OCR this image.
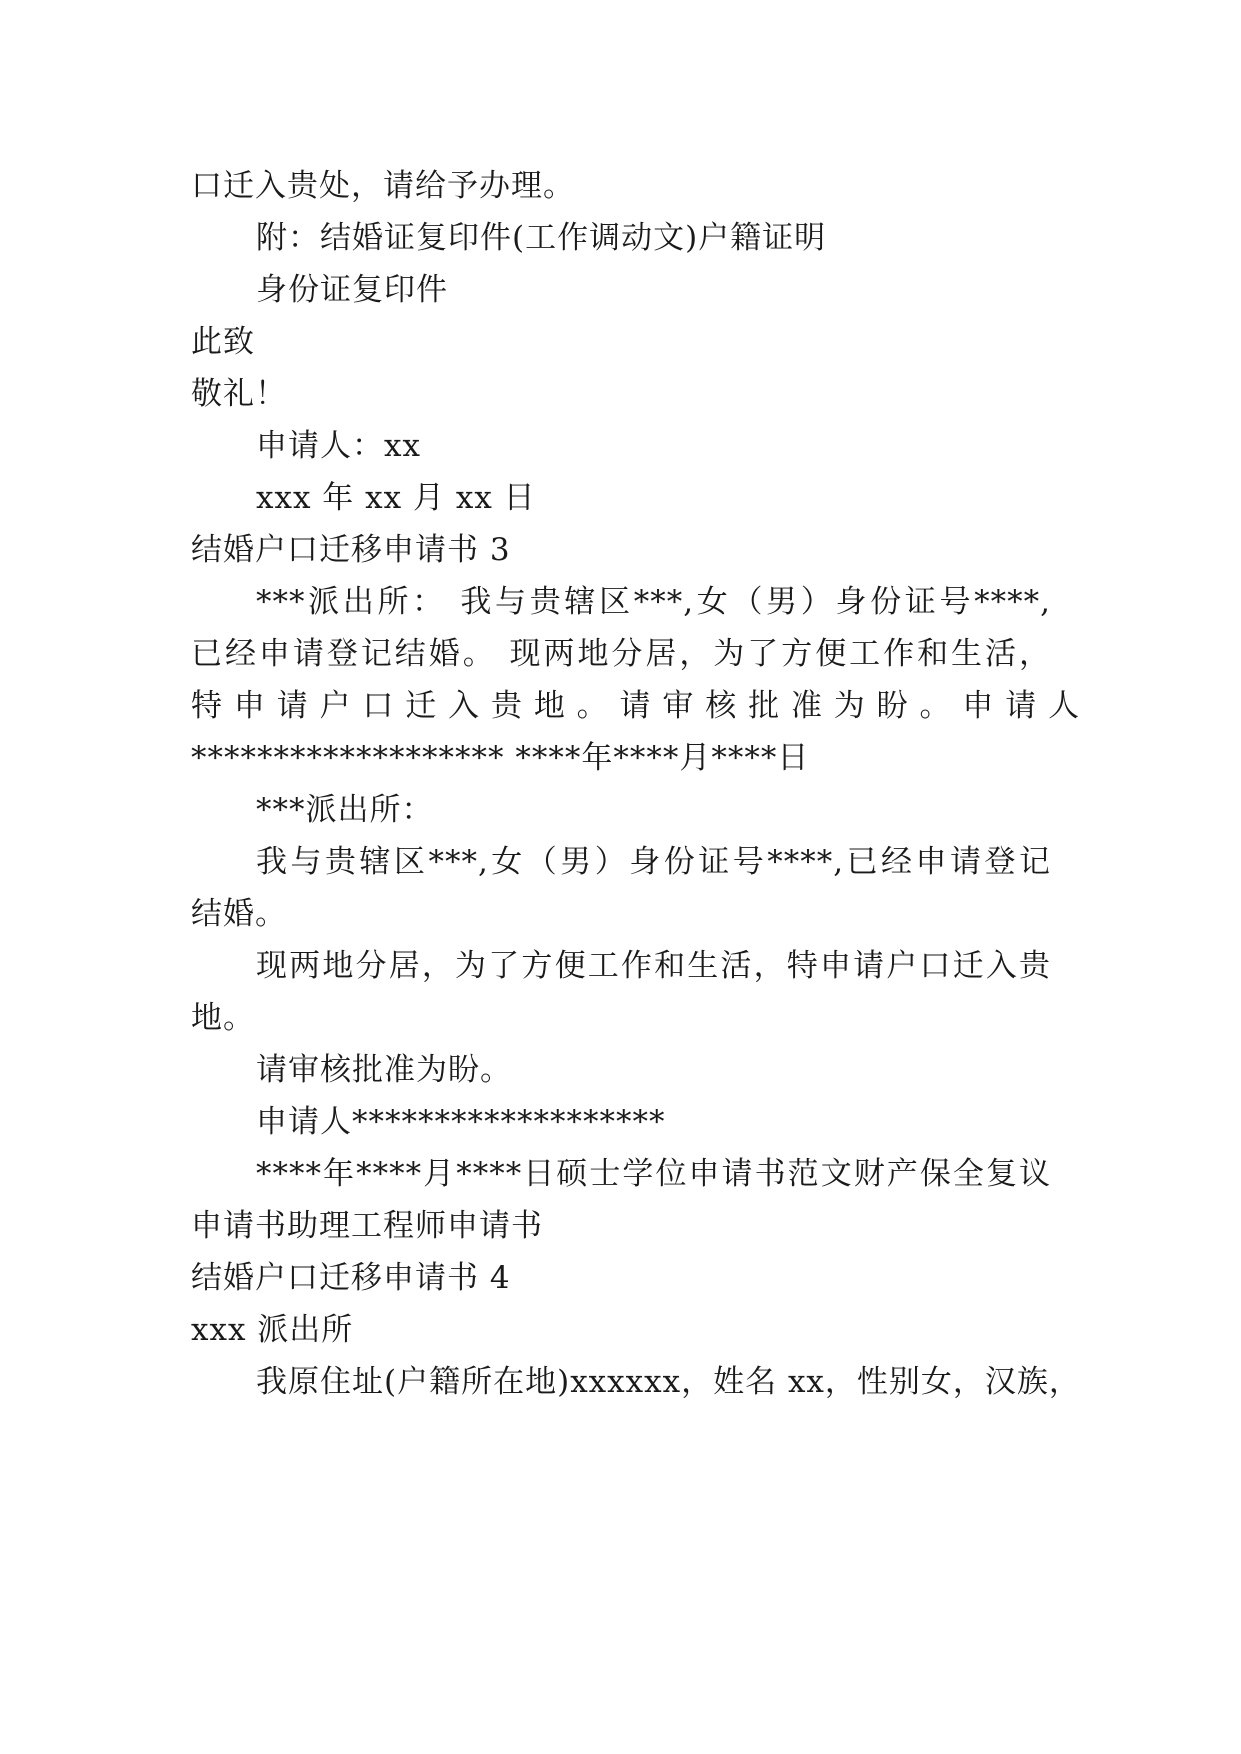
口迁入贵处，请给予办理。
附：结婚证复印件(工作调动文)户籍证明
身份证复印件
此致
敬礼！
申请人：xx
xxx 年 xx 月 xx 日
结婚户口迁移申请书 3
***派出所： 我与贵辖区***,女（男）身份证号****,
已经申请登记结婚。 现两地分居，为了方便工作和生活，
特 申 请 户 口 迁 入 贵 地 。 请 审 核 批 准 为 盼 。 申 请 人
******************* ****年****月****日
***派出所：
我与贵辖区***,女（男）身份证号****,已经申请登记
结婚。
现两地分居，为了方便工作和生活，特申请户口迁入贵
地。
请审核批准为盼。
申请人*******************
****年****月****日硕士学位申请书范文财产保全复议
申请书助理工程师申请书
结婚户口迁移申请书 4
xxx 派出所
我原住址(户籍所在地)xxxxxx，姓名 xx，性别女，汉族，
